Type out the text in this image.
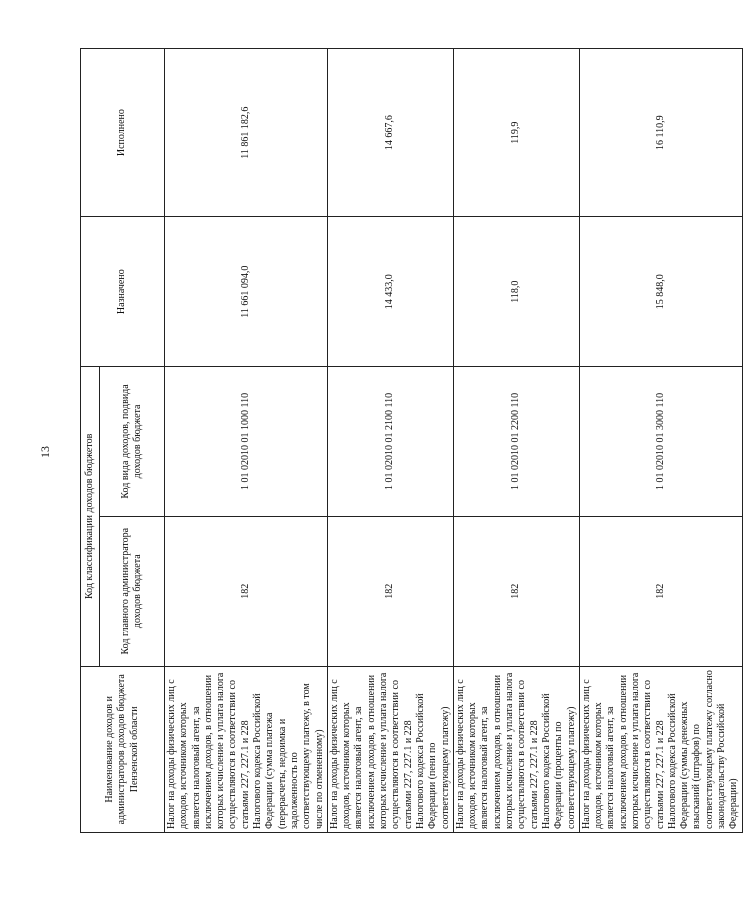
13
Наименование доходов и администраторов доходов бюджета Пензенской области	Код классификации доходов бюджетов		Назначено	Исполнено
	Код главного администратора доходов бюджета	Код вида доходов, подвида доходов бюджета		
Налог на доходы физических лиц с доходов, источником которых является налоговый агент, за исключением доходов, в отношении которых исчисление и уплата налога осуществляются в соответствии со статьями 227, 227.1 и 228 Налогового кодекса Российской Федерации (сумма платежа (перерасчеты, недоимка и задолженность по соответствующему платежу, в том числе по отмененному)	182	1 01 02010 01 1000 110	11 661 094,0	11 861 182,6
Налог на доходы физических лиц с доходов, источником которых является налоговый агент, за исключением доходов, в отношении которых исчисление и уплата налога осуществляются в соответствии со статьями 227, 227.1 и 228 Налогового кодекса Российской Федерации (пени по соответствующему платежу)	182	1 01 02010 01 2100 110	14 433,0	14 667,6
Налог на доходы физических лиц с доходов, источником которых является налоговый агент, за исключением доходов, в отношении которых исчисление и уплата налога осуществляются в соответствии со статьями 227, 227.1 и 228 Налогового кодекса Российской Федерации (проценты по соответствующему платежу)	182	1 01 02010 01 2200 110	118,0	119,9
Налог на доходы физических лиц с доходов, источником которых является налоговый агент, за исключением доходов, в отношении которых исчисление и уплата налога осуществляются в соответствии со статьями 227, 227.1 и 228 Налогового кодекса Российской Федерации (суммы денежных взысканий (штрафов) по соответствующему платежу согласно законодательству Российской Федерации)	182	1 01 02010 01 3000 110	15 848,0	16 110,9
